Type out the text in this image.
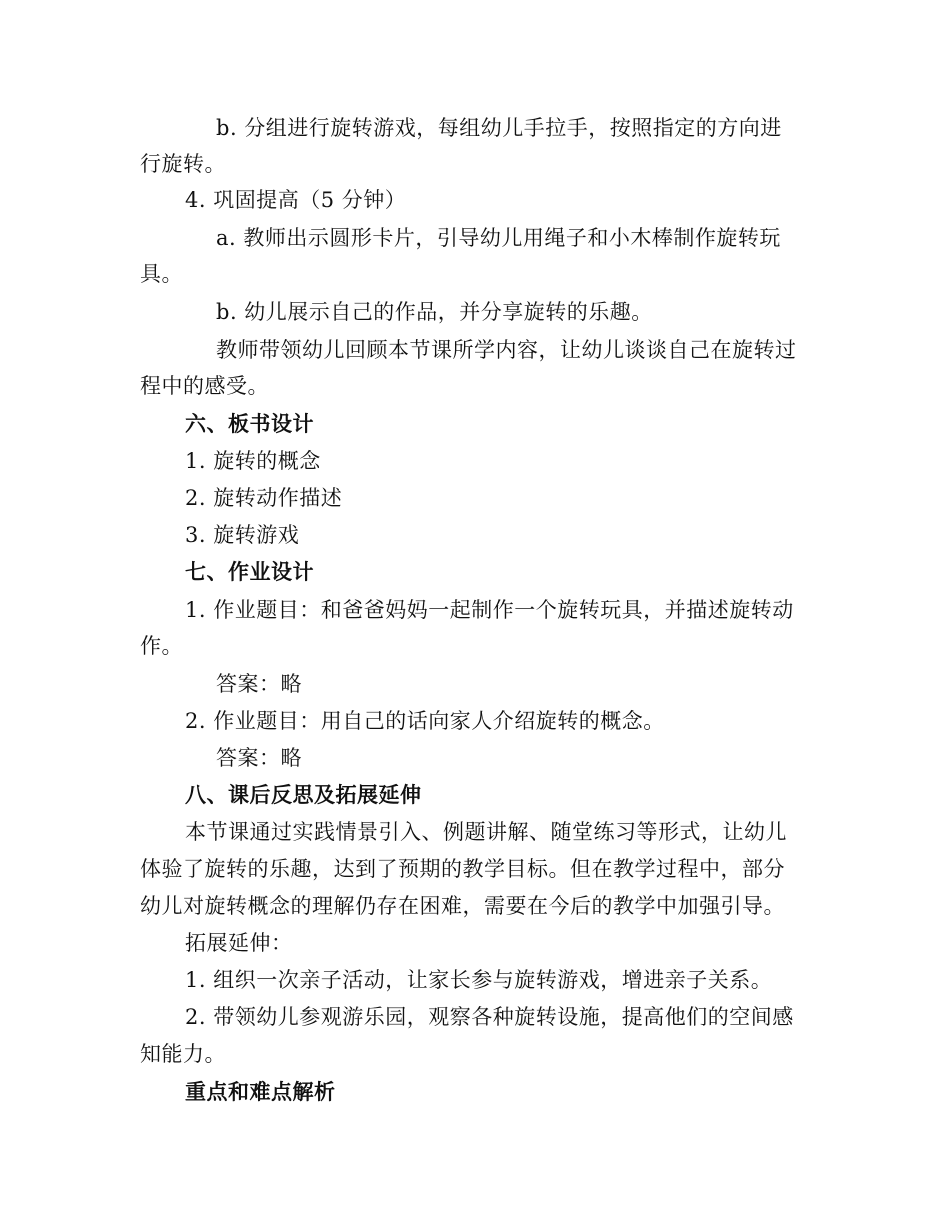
b. 分组进行旋转游戏，每组幼儿手拉手，按照指定的方向进
行旋转。
4. 巩固提高（5 分钟）
a. 教师出示圆形卡片，引导幼儿用绳子和小木棒制作旋转玩
具。
b. 幼儿展示自己的作品，并分享旋转的乐趣。
教师带领幼儿回顾本节课所学内容，让幼儿谈谈自己在旋转过
程中的感受。
六、板书设计
1. 旋转的概念
2. 旋转动作描述
3. 旋转游戏
七、作业设计
1. 作业题目：和爸爸妈妈一起制作一个旋转玩具，并描述旋转动
作。
答案：略
2. 作业题目：用自己的话向家人介绍旋转的概念。
答案：略
八、课后反思及拓展延伸
本节课通过实践情景引入、例题讲解、随堂练习等形式，让幼儿
体验了旋转的乐趣，达到了预期的教学目标。但在教学过程中，部分
幼儿对旋转概念的理解仍存在困难，需要在今后的教学中加强引导。
拓展延伸：
1. 组织一次亲子活动，让家长参与旋转游戏，增进亲子关系。
2. 带领幼儿参观游乐园，观察各种旋转设施，提高他们的空间感
知能力。
重点和难点解析
